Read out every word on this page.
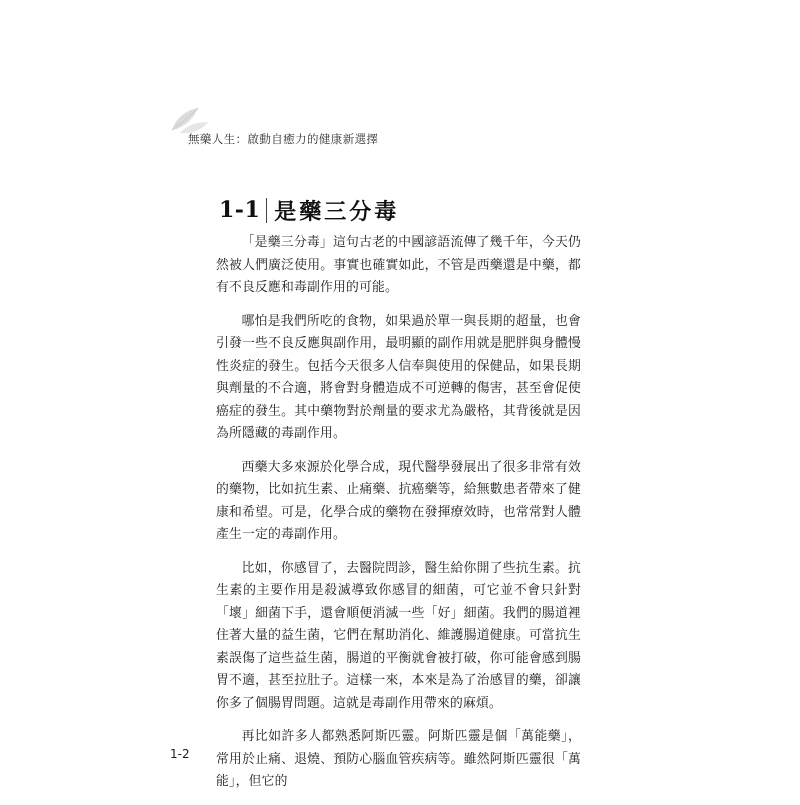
無藥人生：啟動自癒力的健康新選擇
1-1 是藥三分毒

「是藥三分毒」這句古老的中國諺語流傳了幾千年，今天仍然被人們廣泛使用。事實也確實如此，不管是西藥還是中藥，都有不良反應和毒副作用的可能。

哪怕是我們所吃的食物，如果過於單一與長期的超量，也會引發一些不良反應與副作用，最明顯的副作用就是肥胖與身體慢性炎症的發生。包括今天很多人信奉與使用的保健品，如果長期與劑量的不合適，將會對身體造成不可逆轉的傷害，甚至會促使癌症的發生。其中藥物對於劑量的要求尤為嚴格，其背後就是因為所隱藏的毒副作用。

西藥大多來源於化學合成，現代醫學發展出了很多非常有效的藥物，比如抗生素、止痛藥、抗癌藥等，給無數患者帶來了健康和希望。可是，化學合成的藥物在發揮療效時，也常常對人體產生一定的毒副作用。

比如，你感冒了，去醫院問診，醫生給你開了些抗生素。抗生素的主要作用是殺滅導致你感冒的細菌，可它並不會只針對「壞」細菌下手，還會順便消滅一些「好」細菌。我們的腸道裡住著大量的益生菌，它們在幫助消化、維護腸道健康。可當抗生素誤傷了這些益生菌，腸道的平衡就會被打破，你可能會感到腸胃不適，甚至拉肚子。這樣一來，本來是為了治感冒的藥，卻讓你多了個腸胃問題。這就是毒副作用帶來的麻煩。

再比如許多人都熟悉阿斯匹靈。阿斯匹靈是個「萬能藥」，常用於止痛、退燒、預防心腦血管疾病等。雖然阿斯匹靈很「萬能」，但它的

1-2
